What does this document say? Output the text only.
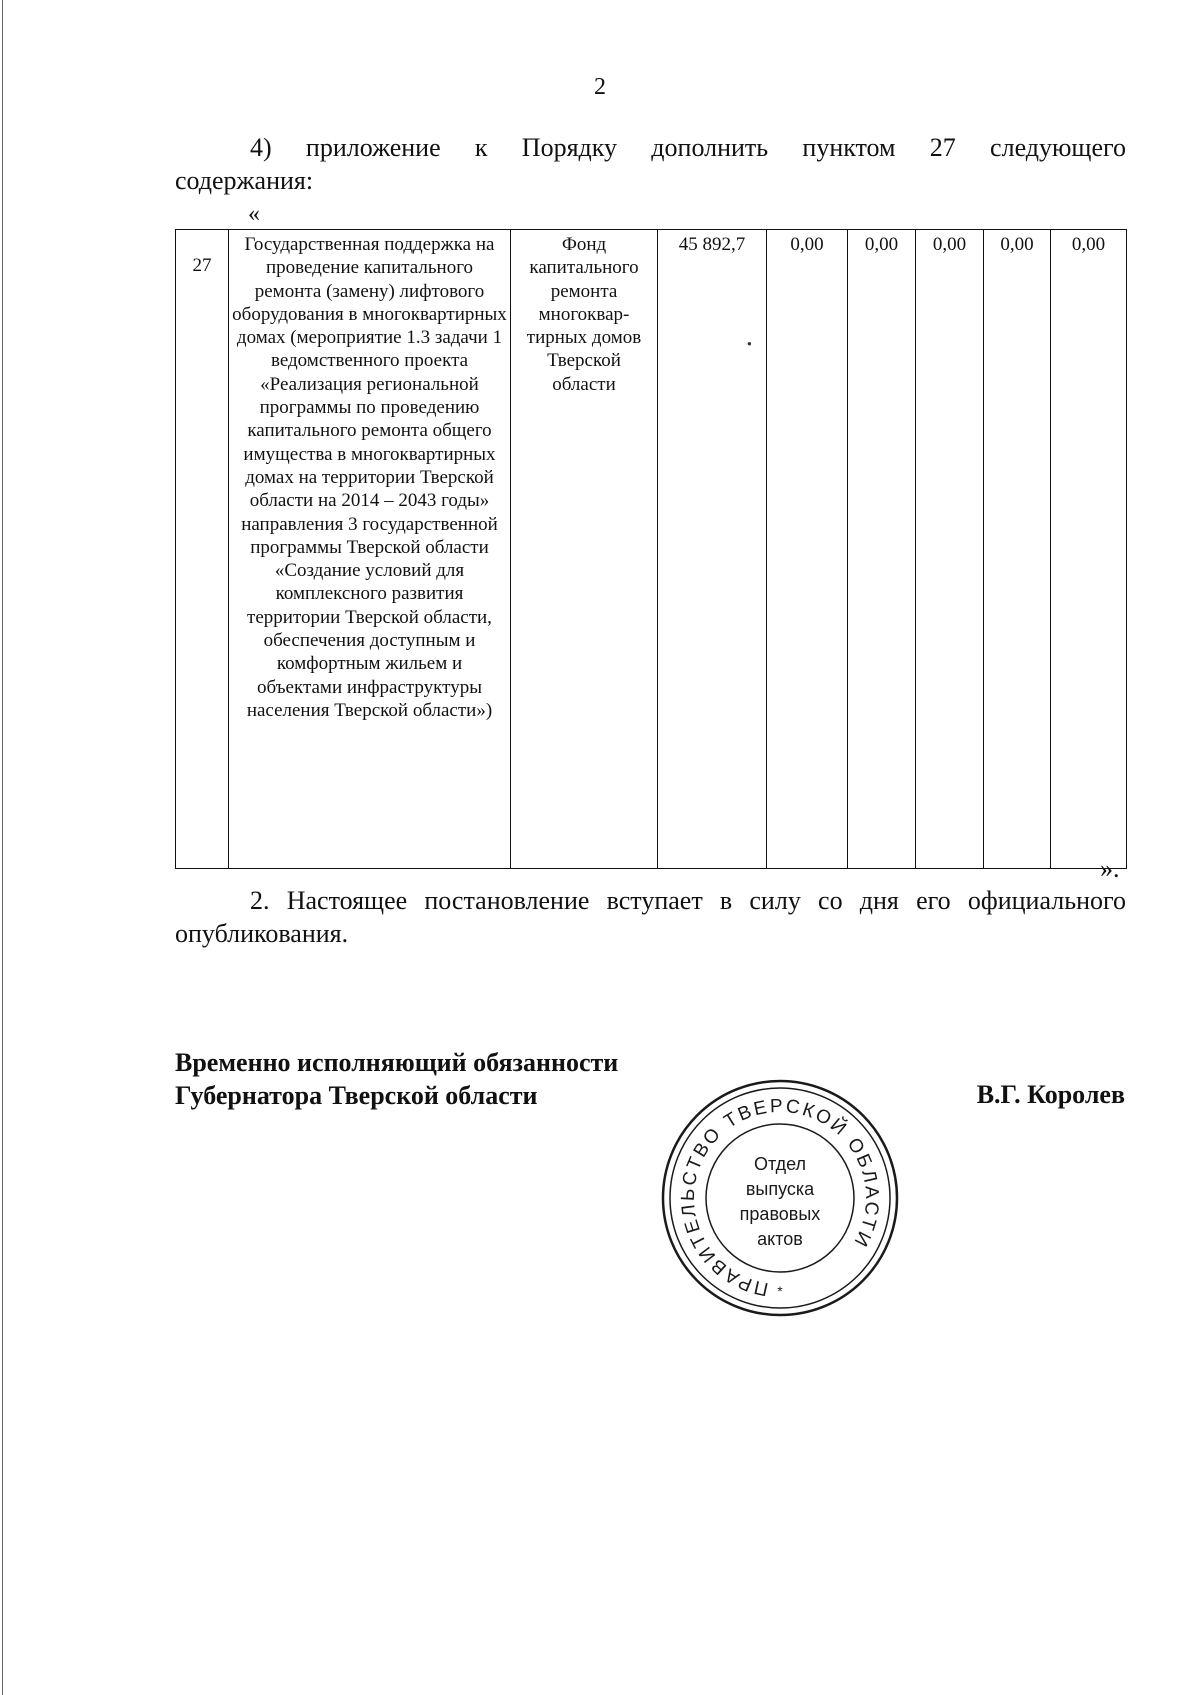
2
4) приложение к Порядку дополнить пунктом 27 следующего
содержания:
«
27	Государственная поддержка на проведение капитального ремонта (замену) лифтового оборудования в многоквартирных домах (мероприятие 1.3 задачи 1 ведомственного проекта «Реализация региональной программы по проведению капитального ремонта общего имущества в многоквартирных домах на территории Тверской области на 2014 – 2043 годы» направления 3 государственной программы Тверской области «Создание условий для комплексного развития территории Тверской области, обеспечения доступным и комфортным жильем и объектами инфраструктуры населения Тверской области»)	Фонд капитального ремонта многоквар-тирных домов Тверской области	45 892,7	0,00	0,00	0,00	0,00	0,00
●
».
2. Настоящее постановление вступает в силу со дня его официального
опубликования.
Временно исполняющий обязанности
Губернатора Тверской области	В.Г. Королев
ПРАВИТЕЛЬСТВО ТВЕРСКОЙ ОБЛАСТИ
*
Отдел
выпуска
правовых
актов
